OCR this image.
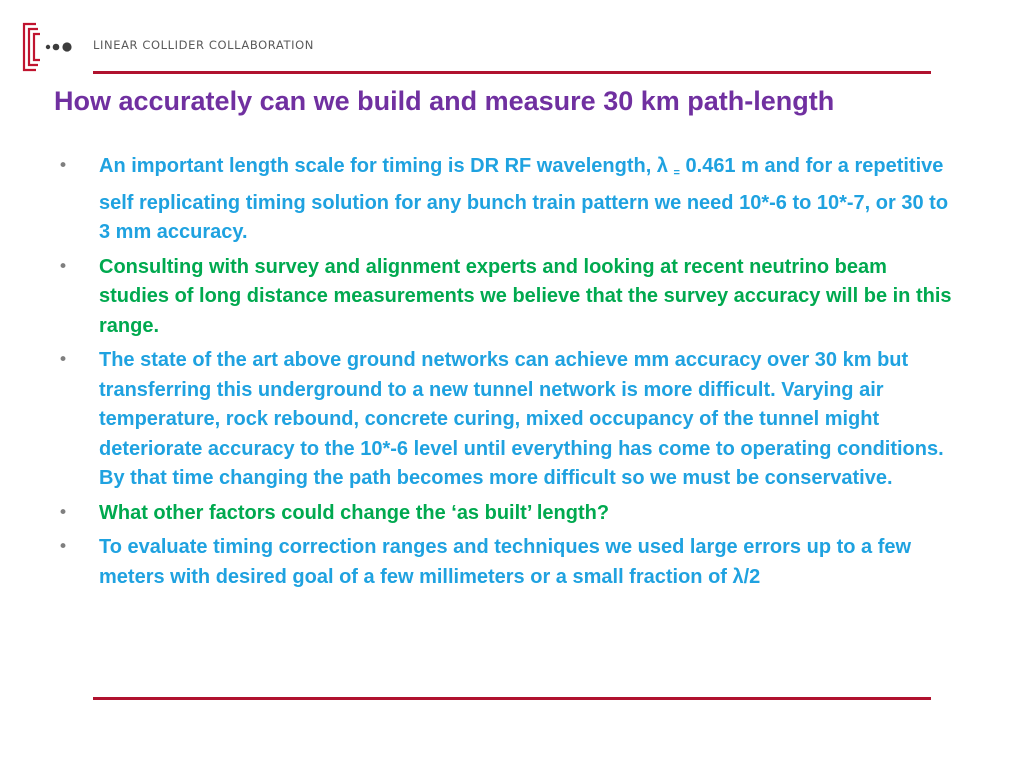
LINEAR COLLIDER COLLABORATION
How accurately can we build and measure 30 km path-length
• An important length scale for timing is DR RF wavelength, λ $_=$ 0.461 m and for a repetitive self replicating timing solution for any bunch train pattern we need 10*-6 to 10*-7, or 30 to 3 mm accuracy.
• Consulting with survey and alignment experts and looking at recent neutrino beam studies of long distance measurements we believe that the survey accuracy will be in this range.
• The state of the art above ground networks can achieve mm accuracy over 30 km but transferring this underground to a new tunnel network is more difficult. Varying air temperature, rock rebound, concrete curing, mixed occupancy of the tunnel might deteriorate accuracy to the 10*-6 level until everything has come to operating conditions. By that time changing the path becomes more difficult so we must be conservative.
• What other factors could change the ‘as built’ length?
• To evaluate timing correction ranges and techniques we used large errors up to a few meters with desired goal of a few millimeters or a small fraction of λ/2
